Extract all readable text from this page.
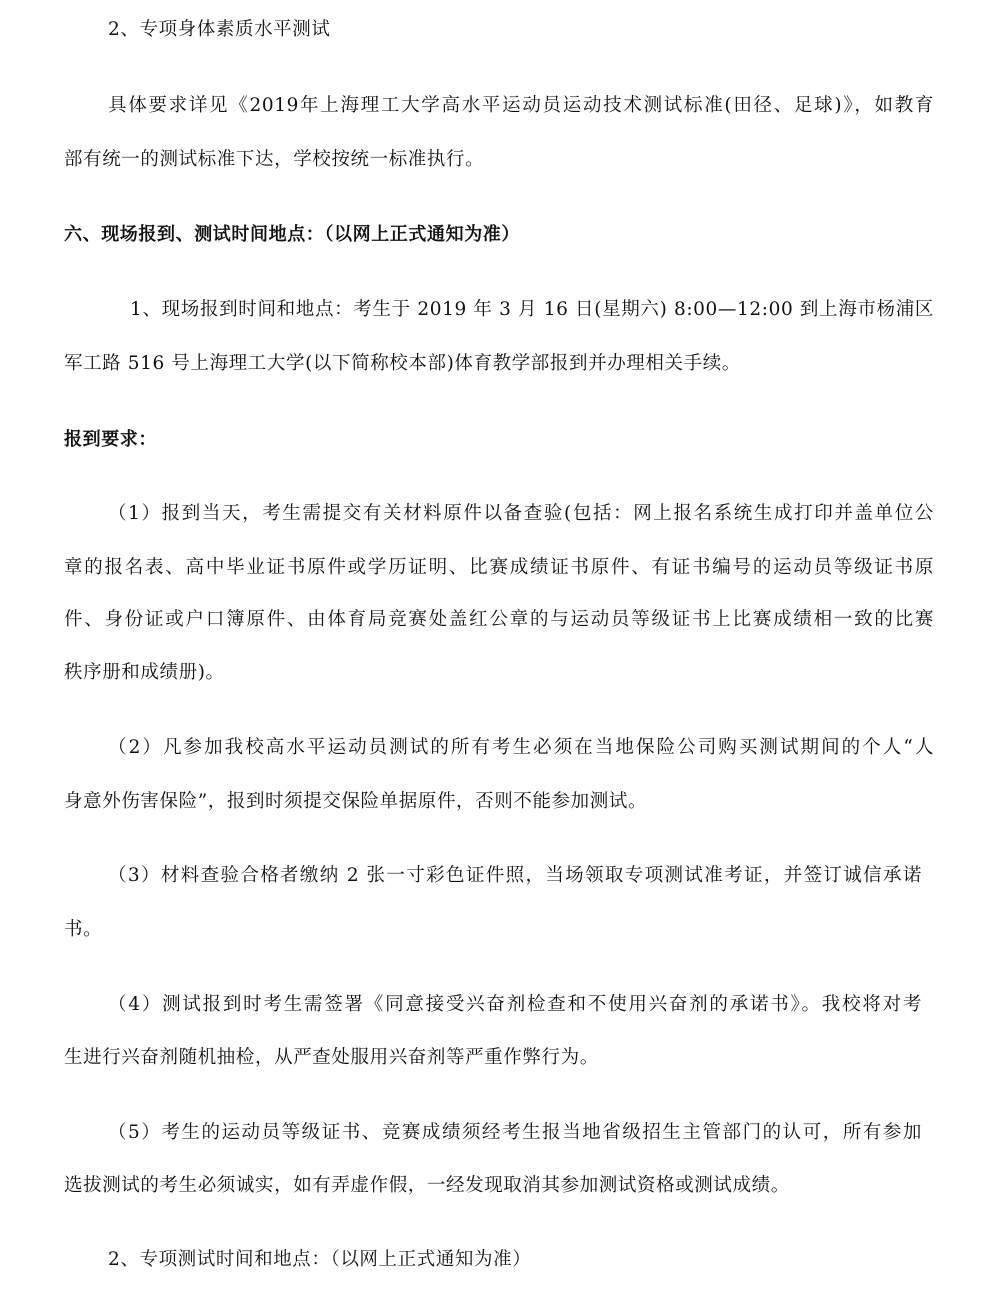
2、专项身体素质水平测试
具体要求详见《2019年上海理工大学高水平运动员运动技术测试标准(田径、足球)》，如教育
部有统一的测试标准下达，学校按统一标准执行。
六、现场报到、测试时间地点：（以网上正式通知为准）
1、现场报到时间和地点：考生于 2019 年 3 月 16 日(星期六) 8:00—12:00 到上海市杨浦区
军工路 516 号上海理工大学(以下简称校本部)体育教学部报到并办理相关手续。
报到要求：
（1）报到当天，考生需提交有关材料原件以备查验(包括：网上报名系统生成打印并盖单位公
章的报名表、高中毕业证书原件或学历证明、比赛成绩证书原件、有证书编号的运动员等级证书原
件、身份证或户口簿原件、由体育局竞赛处盖红公章的与运动员等级证书上比赛成绩相一致的比赛
秩序册和成绩册)。
（2）凡参加我校高水平运动员测试的所有考生必须在当地保险公司购买测试期间的个人“人
身意外伤害保险”，报到时须提交保险单据原件，否则不能参加测试。
（3）材料查验合格者缴纳 2 张一寸彩色证件照，当场领取专项测试准考证，并签订诚信承诺
书。
（4）测试报到时考生需签署《同意接受兴奋剂检查和不使用兴奋剂的承诺书》。我校将对考
生进行兴奋剂随机抽检，从严查处服用兴奋剂等严重作弊行为。
（5）考生的运动员等级证书、竞赛成绩须经考生报当地省级招生主管部门的认可，所有参加
选拔测试的考生必须诚实，如有弄虚作假，一经发现取消其参加测试资格或测试成绩。
2、专项测试时间和地点：（以网上正式通知为准）
